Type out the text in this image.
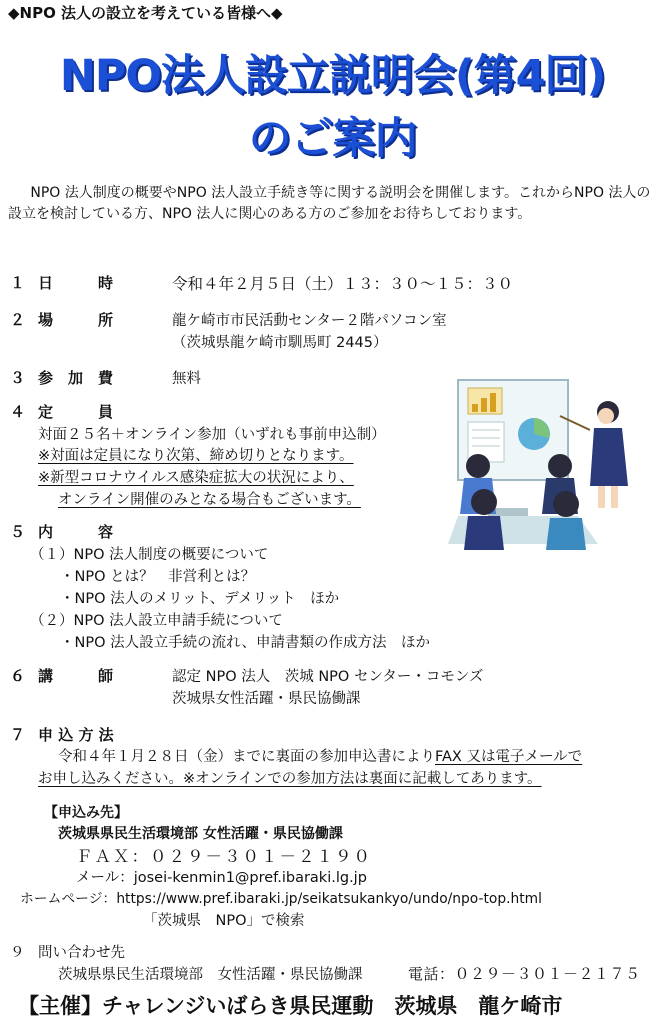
◆NPO 法人の設立を考えている皆様へ◆
NPO法人設立説明会(第4回)
のご案内
NPO 法人制度の概要やNPO 法人設立手続き等に関する説明会を開催します。これからNPO 法人の設立を検討している方、NPO 法人に関心のある方のご参加をお待ちしております。
１ 日　　　時	令和４年２月５日（土）１３：３０～１５：３０
２ 場　　　所	龍ケ崎市市民活動センター２階パソコン室
（茨城県龍ケ崎市馴馬町 2445）
３ 参　加　費	無料
４ 定　　　員
対面２５名＋オンライン参加（いずれも事前申込制）
※対面は定員になり次第、締め切りとなります。
※新型コロナウイルス感染症拡大の状況により、
オンライン開催のみとなる場合もございます。
５ 内　　　容
（１）NPO 法人制度の概要について
・NPO とは？　非営利とは？
・NPO 法人のメリット、デメリット　ほか
（２）NPO 法人設立申請手続について
・NPO 法人設立手続の流れ、申請書類の作成方法　ほか
６ 講　　　師	認定 NPO 法人　茨城 NPO センター・コモンズ
茨城県女性活躍・県民協働課
７ 申 込 方 法
令和４年１月２８日（金）までに裏面の参加申込書によりFAX 又は電子メールで
お申し込みください。※オンラインでの参加方法は裏面に記載してあります。
【申込み先】
茨城県県民生活環境部 女性活躍・県民協働課
ＦＡＸ：０２９－３０１－２１９０
メール：josei-kenmin1@pref.ibaraki.lg.jp
ホームページ：https://www.pref.ibaraki.jp/seikatsukankyo/undo/npo-top.html
「茨城県　NPO」で検索
９ 問い合わせ先
茨城県県民生活環境部　女性活躍・県民協働課	電話：０２９－３０１－２１７５
【主催】チャレンジいばらき県民運動　茨城県　龍ケ崎市
